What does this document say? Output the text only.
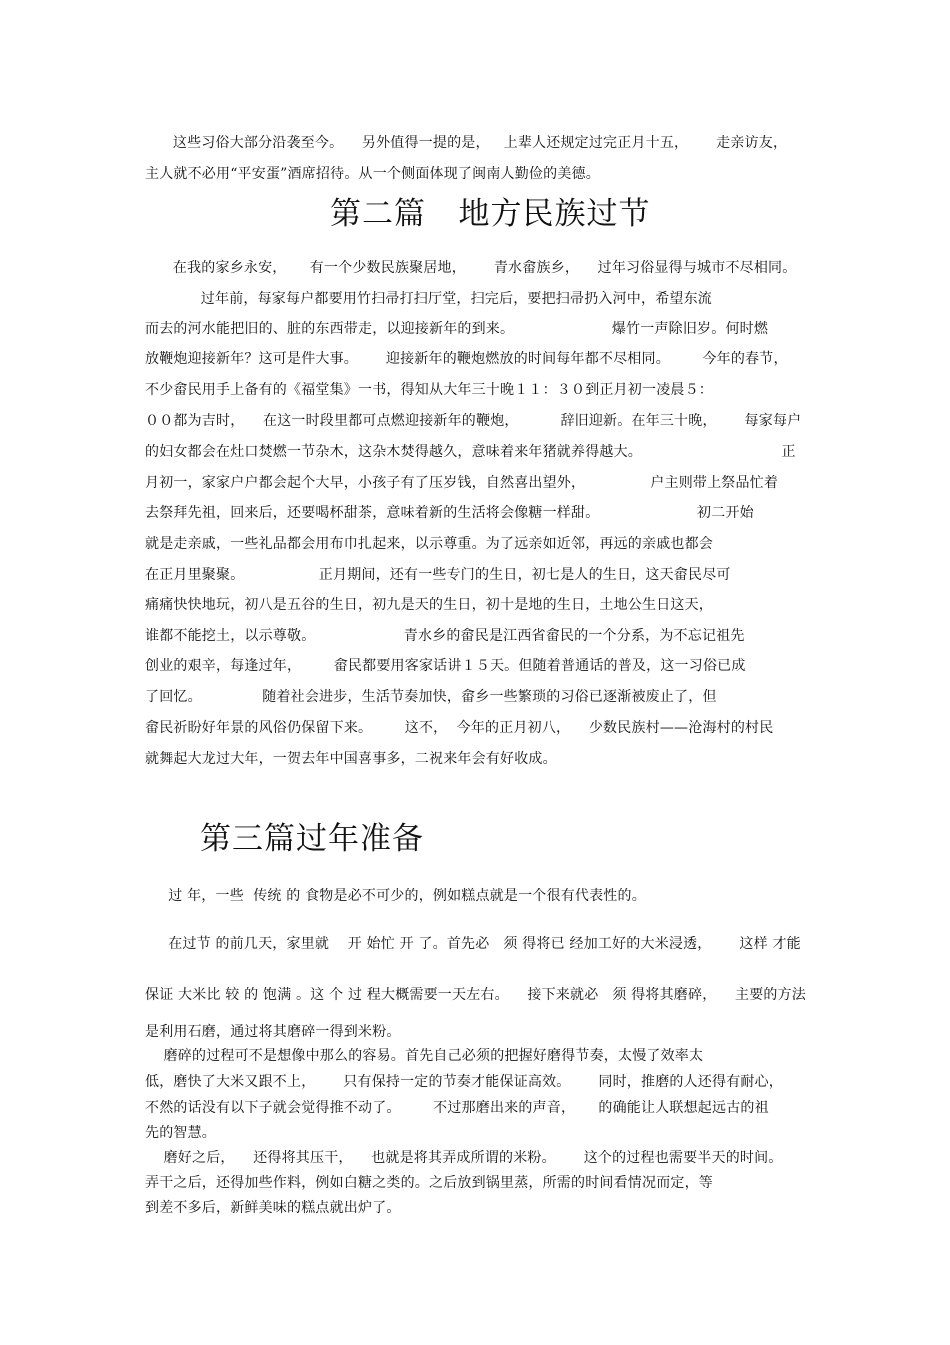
这些习俗大部分沿袭至今。    另外值得一提的是，   上辈人还规定过完正月十五，      走亲访友，
主人就不必用“平安蛋”酒席招待。从一个侧面体现了闽南人勤俭的美德。
第二篇   地方民族过节
在我的家乡永安，     有一个少数民族聚居地，      青水畲族乡，    过年习俗显得与城市不尽相同。
过年前，每家每户都要用竹扫帚打扫厅堂，扫完后，要把扫帚扔入河中，希望东流
而去的河水能把旧的、脏的东西带走，以迎接新年的到来。                     爆竹一声除旧岁。何时燃
放鞭炮迎接新年？这可是件大事。      迎接新年的鞭炮燃放的时间每年都不尽相同。       今年的春节，
不少畲民用手上备有的《福堂集》一书，得知从大年三十晚１１：３０到正月初一凌晨５：
００都为吉时，    在这一时段里都可点燃迎接新年的鞭炮，         辞旧迎新。在年三十晚，      每家每户
的妇女都会在灶口焚燃一节杂木，这杂木焚得越久，意味着来年猪就养得越大。                              正
月初一，家家户户都会起个大早，小孩子有了压岁钱，自然喜出望外，              户主则带上祭品忙着
去祭拜先祖，回来后，还要喝杯甜茶，意味着新的生活将会像糖一样甜。                     初二开始
就是走亲戚，一些礼品都会用布巾扎起来，以示尊重。为了远亲如近邻，再远的亲戚也都会
在正月里聚聚。                正月期间，还有一些专门的生日，初七是人的生日，这天畲民尽可
痛痛快快地玩，初八是五谷的生日，初九是天的生日，初十是地的生日，土地公生日这天，
谁都不能挖土，以示尊敬。                   青水乡的畲民是江西省畲民的一个分系，为不忘记祖先
创业的艰辛，每逢过年，       畲民都要用客家话讲１５天。但随着普通话的普及，这一习俗已成
了回忆。             随着社会进步，生活节奏加快，畲乡一些繁琐的习俗已逐渐被废止了，但
畲民祈盼好年景的风俗仍保留下来。       这不，  今年的正月初八，    少数民族村——沧海村的村民
就舞起大龙过大年，一贺去年中国喜事多，二祝来年会有好收成。
第三篇过年准备
过 年，一些  传统 的 食物是必不可少的，例如糕点就是一个很有代表性的。
在过节 的前几天，家里就    开 始忙 开 了。首先必   须 得将已 经加工好的大米浸透，      这样 才能
保证 大米比 较 的 饱满 。这 个 过 程大概需要一天左右。    接下来就必   须 得将其磨碎，    主要的方法
是利用石磨，通过将其磨碎一得到米粉。
磨碎的过程可不是想像中那么的容易。首先自己必须的把握好磨得节奏，太慢了效率太
低，磨快了大米又跟不上，      只有保持一定的节奏才能保证高效。      同时，推磨的人还得有耐心，
不然的话没有以下子就会觉得推不动了。       不过那磨出来的声音，     的确能让人联想起远古的祖
先的智慧。
磨好之后，    还得将其压干，    也就是将其弄成所谓的米粉。      这个的过程也需要半天的时间。
弄干之后，还得加些作料，例如白糖之类的。之后放到锅里蒸，所需的时间看情况而定，等
到差不多后，新鲜美味的糕点就出炉了。
